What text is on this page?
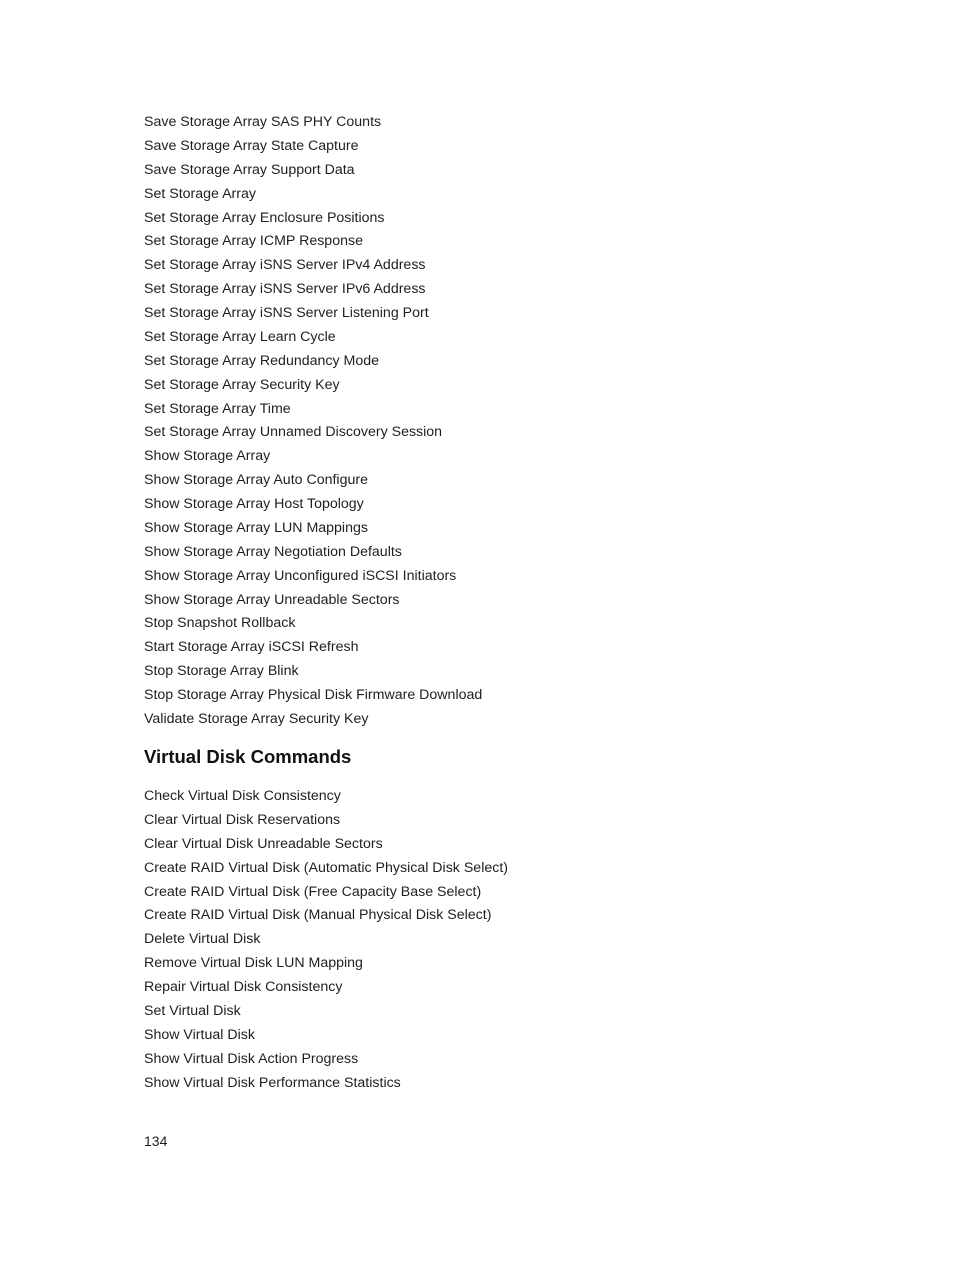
Save Storage Array SAS PHY Counts
Save Storage Array State Capture
Save Storage Array Support Data
Set Storage Array
Set Storage Array Enclosure Positions
Set Storage Array ICMP Response
Set Storage Array iSNS Server IPv4 Address
Set Storage Array iSNS Server IPv6 Address
Set Storage Array iSNS Server Listening Port
Set Storage Array Learn Cycle
Set Storage Array Redundancy Mode
Set Storage Array Security Key
Set Storage Array Time
Set Storage Array Unnamed Discovery Session
Show Storage Array
Show Storage Array Auto Configure
Show Storage Array Host Topology
Show Storage Array LUN Mappings
Show Storage Array Negotiation Defaults
Show Storage Array Unconfigured iSCSI Initiators
Show Storage Array Unreadable Sectors
Stop Snapshot Rollback
Start Storage Array iSCSI Refresh
Stop Storage Array Blink
Stop Storage Array Physical Disk Firmware Download
Validate Storage Array Security Key
Virtual Disk Commands
Check Virtual Disk Consistency
Clear Virtual Disk Reservations
Clear Virtual Disk Unreadable Sectors
Create RAID Virtual Disk (Automatic Physical Disk Select)
Create RAID Virtual Disk (Free Capacity Base Select)
Create RAID Virtual Disk (Manual Physical Disk Select)
Delete Virtual Disk
Remove Virtual Disk LUN Mapping
Repair Virtual Disk Consistency
Set Virtual Disk
Show Virtual Disk
Show Virtual Disk Action Progress
Show Virtual Disk Performance Statistics
134
